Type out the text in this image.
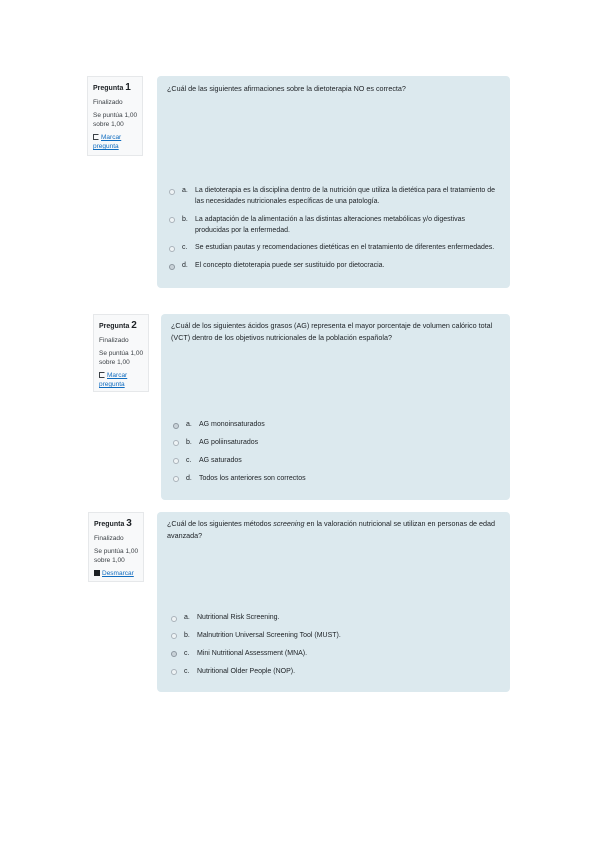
Pregunta 1
Finalizado
Se puntúa 1,00 sobre 1,00
Marcar pregunta
¿Cuál de las siguientes afirmaciones sobre la dietoterapia NO es correcta?
a.	La dietoterapia es la disciplina dentro de la nutrición que utiliza la dietética para el tratamiento de las necesidades nutricionales específicas de una patología.
b.	La adaptación de la alimentación a las distintas alteraciones metabólicas y/o digestivas producidas por la enfermedad.
c.	Se estudian pautas y recomendaciones dietéticas en el tratamiento de diferentes enfermedades.
d.	El concepto dietoterapia puede ser sustituido por dietocracia.
Pregunta 2
Finalizado
Se puntúa 1,00 sobre 1,00
Marcar pregunta
¿Cuál de los siguientes ácidos grasos (AG) representa el mayor porcentaje de volumen calórico total (VCT) dentro de los objetivos nutricionales de la población española?
a.	AG monoinsaturados
b.	AG poliinsaturados
c.	AG saturados
d.	Todos los anteriores son correctos
Pregunta 3
Finalizado
Se puntúa 1,00 sobre 1,00
Desmarcar
¿Cuál de los siguientes métodos screening en la valoración nutricional se utilizan en personas de edad avanzada?
a.	Nutritional Risk Screening.
b.	Malnutrition Universal Screening Tool (MUST).
c.	Mini Nutritional Assessment (MNA).
c.	Nutritional Older People (NOP).
